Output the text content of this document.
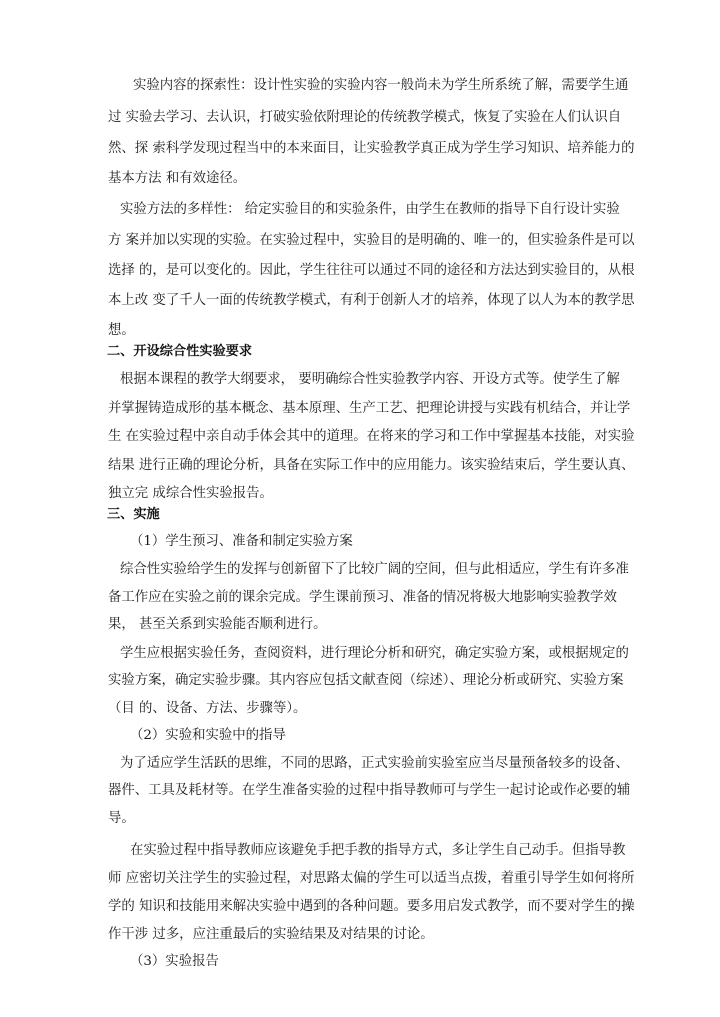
实验内容的探索性：设计性实验的实验内容一般尚未为学生所系统了解，需要学生通

过 实验去学习、去认识，打破实验依附理论的传统教学模式，恢复了实验在人们认识自

然、探 索科学发现过程当中的本来面目，让实验教学真正成为学生学习知识、培养能力的

基本方法 和有效途径。

实验方法的多样性： 给定实验目的和实验条件，由学生在教师的指导下自行设计实验

方 案并加以实现的实验。在实验过程中，实验目的是明确的、唯一的，但实验条件是可以

选择 的，是可以变化的。因此，学生往往可以通过不同的途径和方法达到实验目的，从根

本上改 变了千人一面的传统教学模式，有利于创新人才的培养，体现了以人为本的教学思

想。

二、开设综合性实验要求

根据本课程的教学大纲要求， 要明确综合性实验教学内容、开设方式等。使学生了解

并掌握铸造成形的基本概念、基本原理、生产工艺、把理论讲授与实践有机结合，并让学

生 在实验过程中亲自动手体会其中的道理。在将来的学习和工作中掌握基本技能，对实验

结果 进行正确的理论分析，具备在实际工作中的应用能力。该实验结束后，学生要认真、

独立完 成综合性实验报告。

三、实施

（1）学生预习、准备和制定实验方案

综合性实验给学生的发挥与创新留下了比较广阔的空间，但与此相适应，学生有许多准

备工作应在实验之前的课余完成。学生课前预习、准备的情况将极大地影响实验教学效

果， 甚至关系到实验能否顺利进行。

学生应根据实验任务，查阅资料，进行理论分析和研究，确定实验方案，或根据规定的

实验方案，确定实验步骤。其内容应包括文献查阅（综述）、理论分析或研究、实验方案

（目 的、设备、方法、步骤等）。

（2）实验和实验中的指导

为了适应学生活跃的思维，不同的思路，正式实验前实验室应当尽量预备较多的设备、

器件、工具及耗材等。在学生准备实验的过程中指导教师可与学生一起讨论或作必要的辅

导。

在实验过程中指导教师应该避免手把手教的指导方式，多让学生自己动手。但指导教

师 应密切关注学生的实验过程，对思路太偏的学生可以适当点拨，着重引导学生如何将所

学的 知识和技能用来解决实验中遇到的各种问题。要多用启发式教学，而不要对学生的操

作干涉 过多，应注重最后的实验结果及对结果的讨论。

（3）实验报告
